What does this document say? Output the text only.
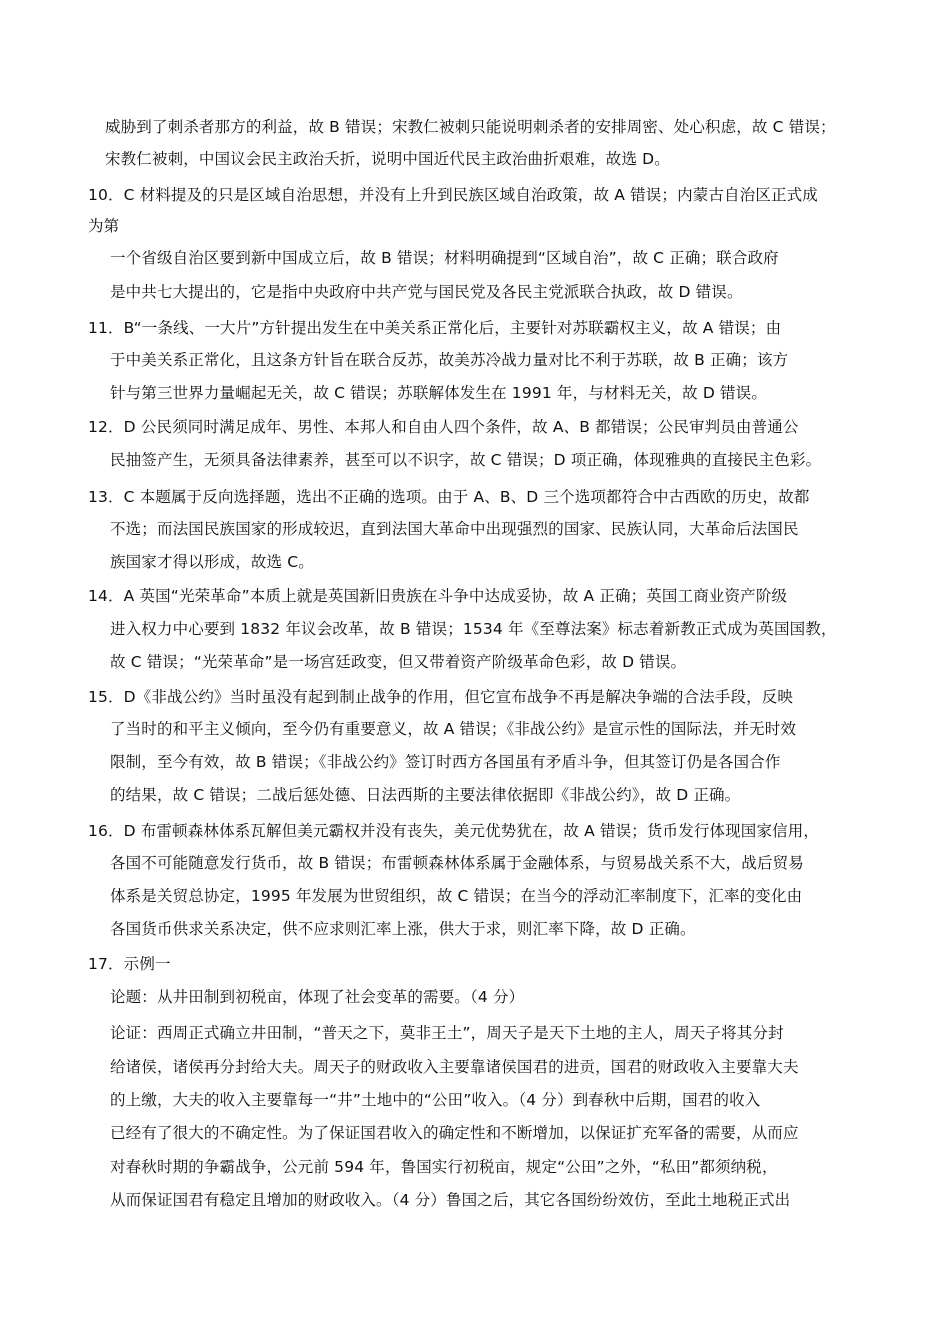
威胁到了刺杀者那方的利益，故 B 错误；宋教仁被刺只能说明刺杀者的安排周密、处心积虑，故 C 错误；
宋教仁被刺，中国议会民主政治夭折，说明中国近代民主政治曲折艰难，故选 D。
10．C 材料提及的只是区域自治思想，并没有上升到民族区域自治政策，故 A 错误；内蒙古自治区正式成
为第
一个省级自治区要到新中国成立后，故 B 错误；材料明确提到“区域自治”，故 C 正确；联合政府
是中共七大提出的，它是指中央政府中共产党与国民党及各民主党派联合执政，故 D 错误。
11．B“一条线、一大片”方针提出发生在中美关系正常化后，主要针对苏联霸权主义，故 A 错误；由
于中美关系正常化，且这条方针旨在联合反苏，故美苏冷战力量对比不利于苏联，故 B 正确；该方
针与第三世界力量崛起无关，故 C 错误；苏联解体发生在 1991 年，与材料无关，故 D 错误。
12．D 公民须同时满足成年、男性、本邦人和自由人四个条件，故 A、B 都错误；公民审判员由普通公
民抽签产生，无须具备法律素养，甚至可以不识字，故 C 错误；D 项正确，体现雅典的直接民主色彩。
13．C 本题属于反向选择题，选出不正确的选项。由于 A、B、D 三个选项都符合中古西欧的历史，故都
不选；而法国民族国家的形成较迟，直到法国大革命中出现强烈的国家、民族认同，大革命后法国民
族国家才得以形成，故选 C。
14．A 英国“光荣革命”本质上就是英国新旧贵族在斗争中达成妥协，故 A 正确；英国工商业资产阶级
进入权力中心要到 1832 年议会改革，故 B 错误；1534 年《至尊法案》标志着新教正式成为英国国教，
故 C 错误；“光荣革命”是一场宫廷政变，但又带着资产阶级革命色彩，故 D 错误。
15．D《非战公约》当时虽没有起到制止战争的作用，但它宣布战争不再是解决争端的合法手段，反映
了当时的和平主义倾向，至今仍有重要意义，故 A 错误；《非战公约》是宣示性的国际法，并无时效
限制，至今有效，故 B 错误；《非战公约》签订时西方各国虽有矛盾斗争，但其签订仍是各国合作
的结果，故 C 错误；二战后惩处德、日法西斯的主要法律依据即《非战公约》，故 D 正确。
16．D 布雷顿森林体系瓦解但美元霸权并没有丧失，美元优势犹在，故 A 错误；货币发行体现国家信用，
各国不可能随意发行货币，故 B 错误；布雷顿森林体系属于金融体系，与贸易战关系不大，战后贸易
体系是关贸总协定，1995 年发展为世贸组织，故 C 错误；在当今的浮动汇率制度下，汇率的变化由
各国货币供求关系决定，供不应求则汇率上涨，供大于求，则汇率下降，故 D 正确。
17．示例一
论题：从井田制到初税亩，体现了社会变革的需要。（4 分）
论证：西周正式确立井田制，“普天之下，莫非王土”，周天子是天下土地的主人，周天子将其分封
给诸侯，诸侯再分封给大夫。周天子的财政收入主要靠诸侯国君的进贡，国君的财政收入主要靠大夫
的上缴，大夫的收入主要靠每一“井”土地中的“公田”收入。（4 分）到春秋中后期，国君的收入
已经有了很大的不确定性。为了保证国君收入的确定性和不断增加，以保证扩充军备的需要，从而应
对春秋时期的争霸战争，公元前 594 年，鲁国实行初税亩，规定“公田”之外，“私田”都须纳税，
从而保证国君有稳定且增加的财政收入。（4 分）鲁国之后，其它各国纷纷效仿，至此土地税正式出
